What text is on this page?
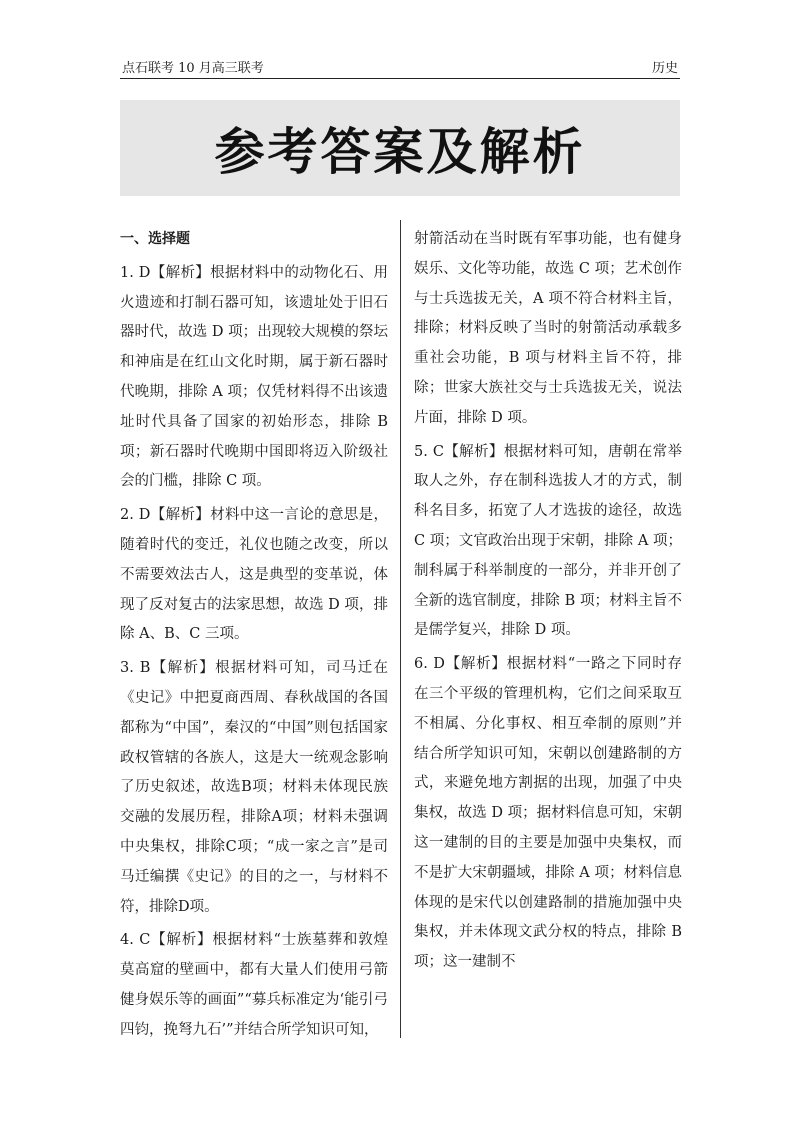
点石联考 10 月高三联考	历史
参考答案及解析

一、选择题

1. D【解析】根据材料中的动物化石、用火遗迹和打制石器可知，该遗址处于旧石器时代，故选 D 项；出现较大规模的祭坛和神庙是在红山文化时期，属于新石器时代晚期，排除 A 项；仅凭材料得不出该遗址时代具备了国家的初始形态，排除 B 项；新石器时代晚期中国即将迈入阶级社会的门槛，排除 C 项。

2. D【解析】材料中这一言论的意思是，随着时代的变迁，礼仪也随之改变，所以不需要效法古人，这是典型的变革说，体现了反对复古的法家思想，故选 D 项，排除 A、B、C 三项。

3. B【解析】根据材料可知，司马迁在《史记》中把夏商西周、春秋战国的各国都称为“中国”，秦汉的“中国”则包括国家政权管辖的各族人，这是大一统观念影响了历史叙述，故选B项；材料未体现民族交融的发展历程，排除A项；材料未强调中央集权，排除C项；“成一家之言”是司马迁编撰《史记》的目的之一，与材料不符，排除D项。

4. C【解析】根据材料“士族墓葬和敦煌莫高窟的壁画中，都有大量人们使用弓箭健身娱乐等的画面”“募兵标准定为‘能引弓四钧，挽弩九石’”并结合所学知识可知，

射箭活动在当时既有军事功能，也有健身娱乐、文化等功能，故选 C 项；艺术创作与士兵选拔无关，A 项不符合材料主旨，排除；材料反映了当时的射箭活动承载多重社会功能，B 项与材料主旨不符，排除；世家大族社交与士兵选拔无关，说法片面，排除 D 项。

5. C【解析】根据材料可知，唐朝在常举取人之外，存在制科选拔人才的方式，制科名目多，拓宽了人才选拔的途径，故选 C 项；文官政治出现于宋朝，排除 A 项；制科属于科举制度的一部分，并非开创了全新的选官制度，排除 B 项；材料主旨不是儒学复兴，排除 D 项。

6. D【解析】根据材料“一路之下同时存在三个平级的管理机构，它们之间采取互不相属、分化事权、相互牵制的原则”并结合所学知识可知，宋朝以创建路制的方式，来避免地方割据的出现，加强了中央集权，故选 D 项；据材料信息可知，宋朝这一建制的目的主要是加强中央集权，而不是扩大宋朝疆域，排除 A 项；材料信息体现的是宋代以创建路制的措施加强中央集权，并未体现文武分权的特点，排除 B 项；这一建制不
